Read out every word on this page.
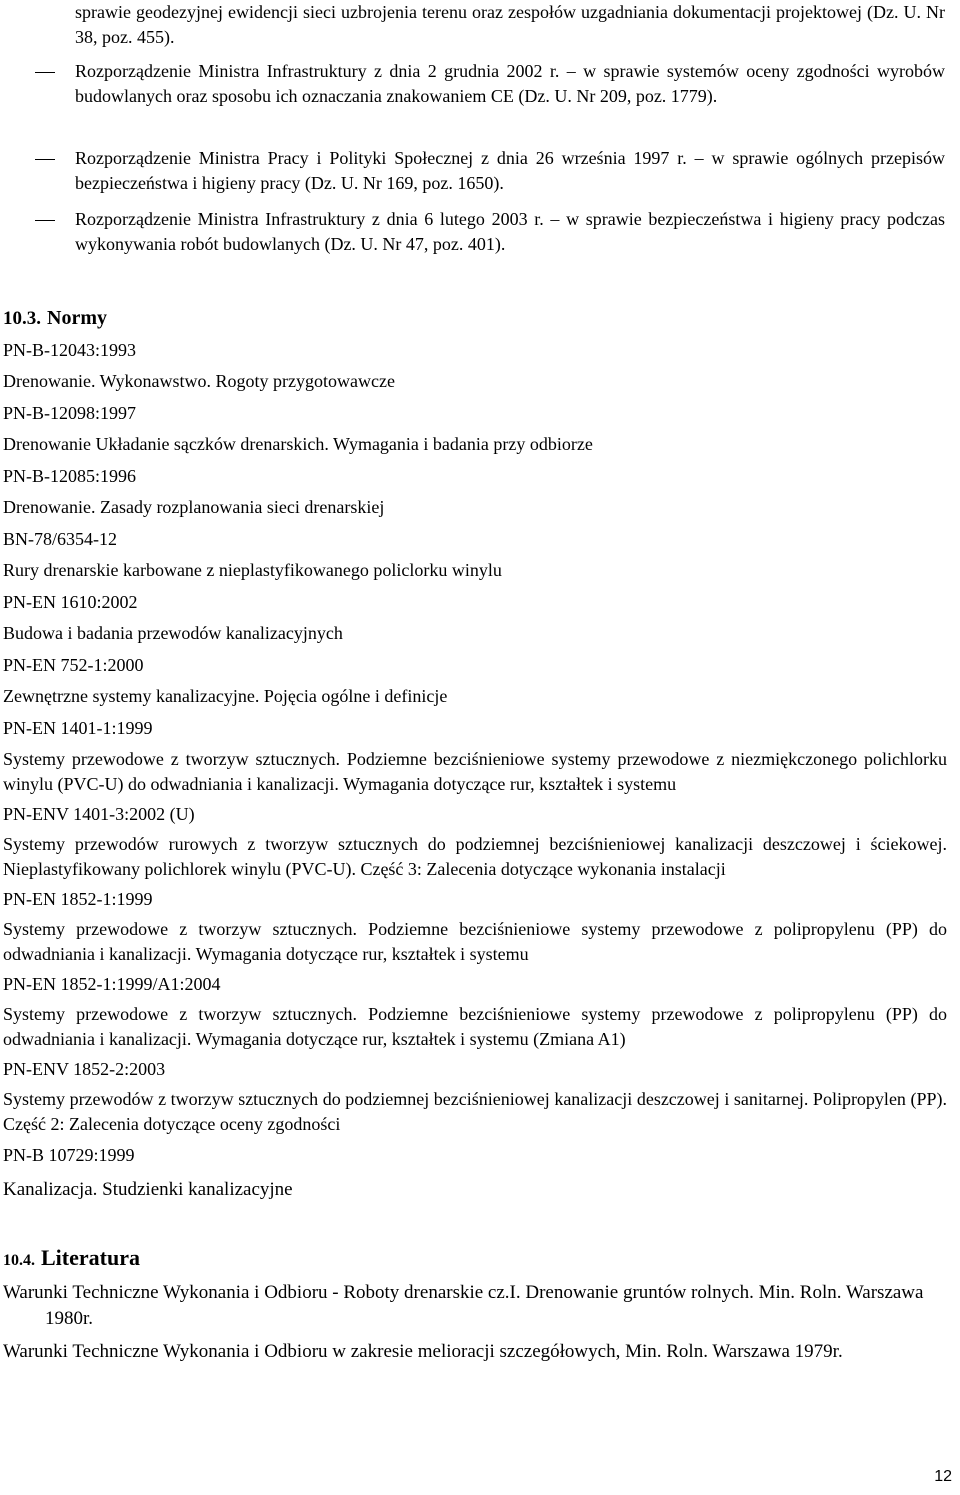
sprawie geodezyjnej ewidencji sieci uzbrojenia terenu oraz zespołów uzgadniania dokumentacji projektowej (Dz. U. Nr 38, poz. 455).

Rozporządzenie Ministra Infrastruktury z dnia 2 grudnia 2002 r. – w sprawie systemów oceny zgodności wyrobów budowlanych oraz sposobu ich oznaczania znakowaniem CE (Dz. U. Nr 209, poz. 1779).

Rozporządzenie Ministra Pracy i Polityki Społecznej z dnia 26 września 1997 r. – w sprawie ogólnych przepisów bezpieczeństwa i higieny pracy (Dz. U. Nr 169, poz. 1650).

Rozporządzenie Ministra Infrastruktury z dnia 6 lutego 2003 r. – w sprawie bezpieczeństwa i higieny pracy podczas wykonywania robót budowlanych (Dz. U. Nr 47, poz. 401).

10.3. Normy

PN-B-12043:1993

Drenowanie. Wykonawstwo. Rogoty przygotowawcze

PN-B-12098:1997

Drenowanie Układanie sączków drenarskich. Wymagania i badania przy odbiorze

PN-B-12085:1996

Drenowanie. Zasady rozplanowania sieci drenarskiej

BN-78/6354-12

Rury drenarskie karbowane z nieplastyfikowanego policlorku winylu

PN-EN 1610:2002

Budowa i badania przewodów kanalizacyjnych

PN-EN 752-1:2000

Zewnętrzne systemy kanalizacyjne. Pojęcia ogólne i definicje

PN-EN 1401-1:1999

Systemy przewodowe z tworzyw sztucznych. Podziemne bezciśnieniowe systemy przewodowe z niezmiękczonego polichlorku winylu (PVC-U) do odwadniania i kanalizacji. Wymagania dotyczące rur, kształtek i systemu

PN-ENV 1401-3:2002 (U)

Systemy przewodów rurowych z tworzyw sztucznych do podziemnej bezciśnieniowej kanalizacji deszczowej i ściekowej. Nieplastyfikowany polichlorek winylu (PVC-U). Część 3: Zalecenia dotyczące wykonania instalacji

PN-EN 1852-1:1999

Systemy przewodowe z tworzyw sztucznych. Podziemne bezciśnieniowe systemy przewodowe z polipropylenu (PP) do odwadniania i kanalizacji. Wymagania dotyczące rur, kształtek i systemu

PN-EN 1852-1:1999/A1:2004

Systemy przewodowe z tworzyw sztucznych. Podziemne bezciśnieniowe systemy przewodowe z polipropylenu (PP) do odwadniania i kanalizacji. Wymagania dotyczące rur, kształtek i systemu (Zmiana A1)

PN-ENV 1852-2:2003

Systemy przewodów z tworzyw sztucznych do podziemnej bezciśnieniowej kanalizacji deszczowej i sanitarnej. Polipropylen (PP). Część 2: Zalecenia dotyczące oceny zgodności

PN-B 10729:1999

Kanalizacja. Studzienki kanalizacyjne

10.4. Literatura

Warunki Techniczne Wykonania i Odbioru - Roboty drenarskie cz.I. Drenowanie gruntów rolnych. Min. Roln. Warszawa 1980r.

Warunki Techniczne Wykonania i Odbioru w zakresie melioracji szczegółowych, Min. Roln. Warszawa 1979r.

12
